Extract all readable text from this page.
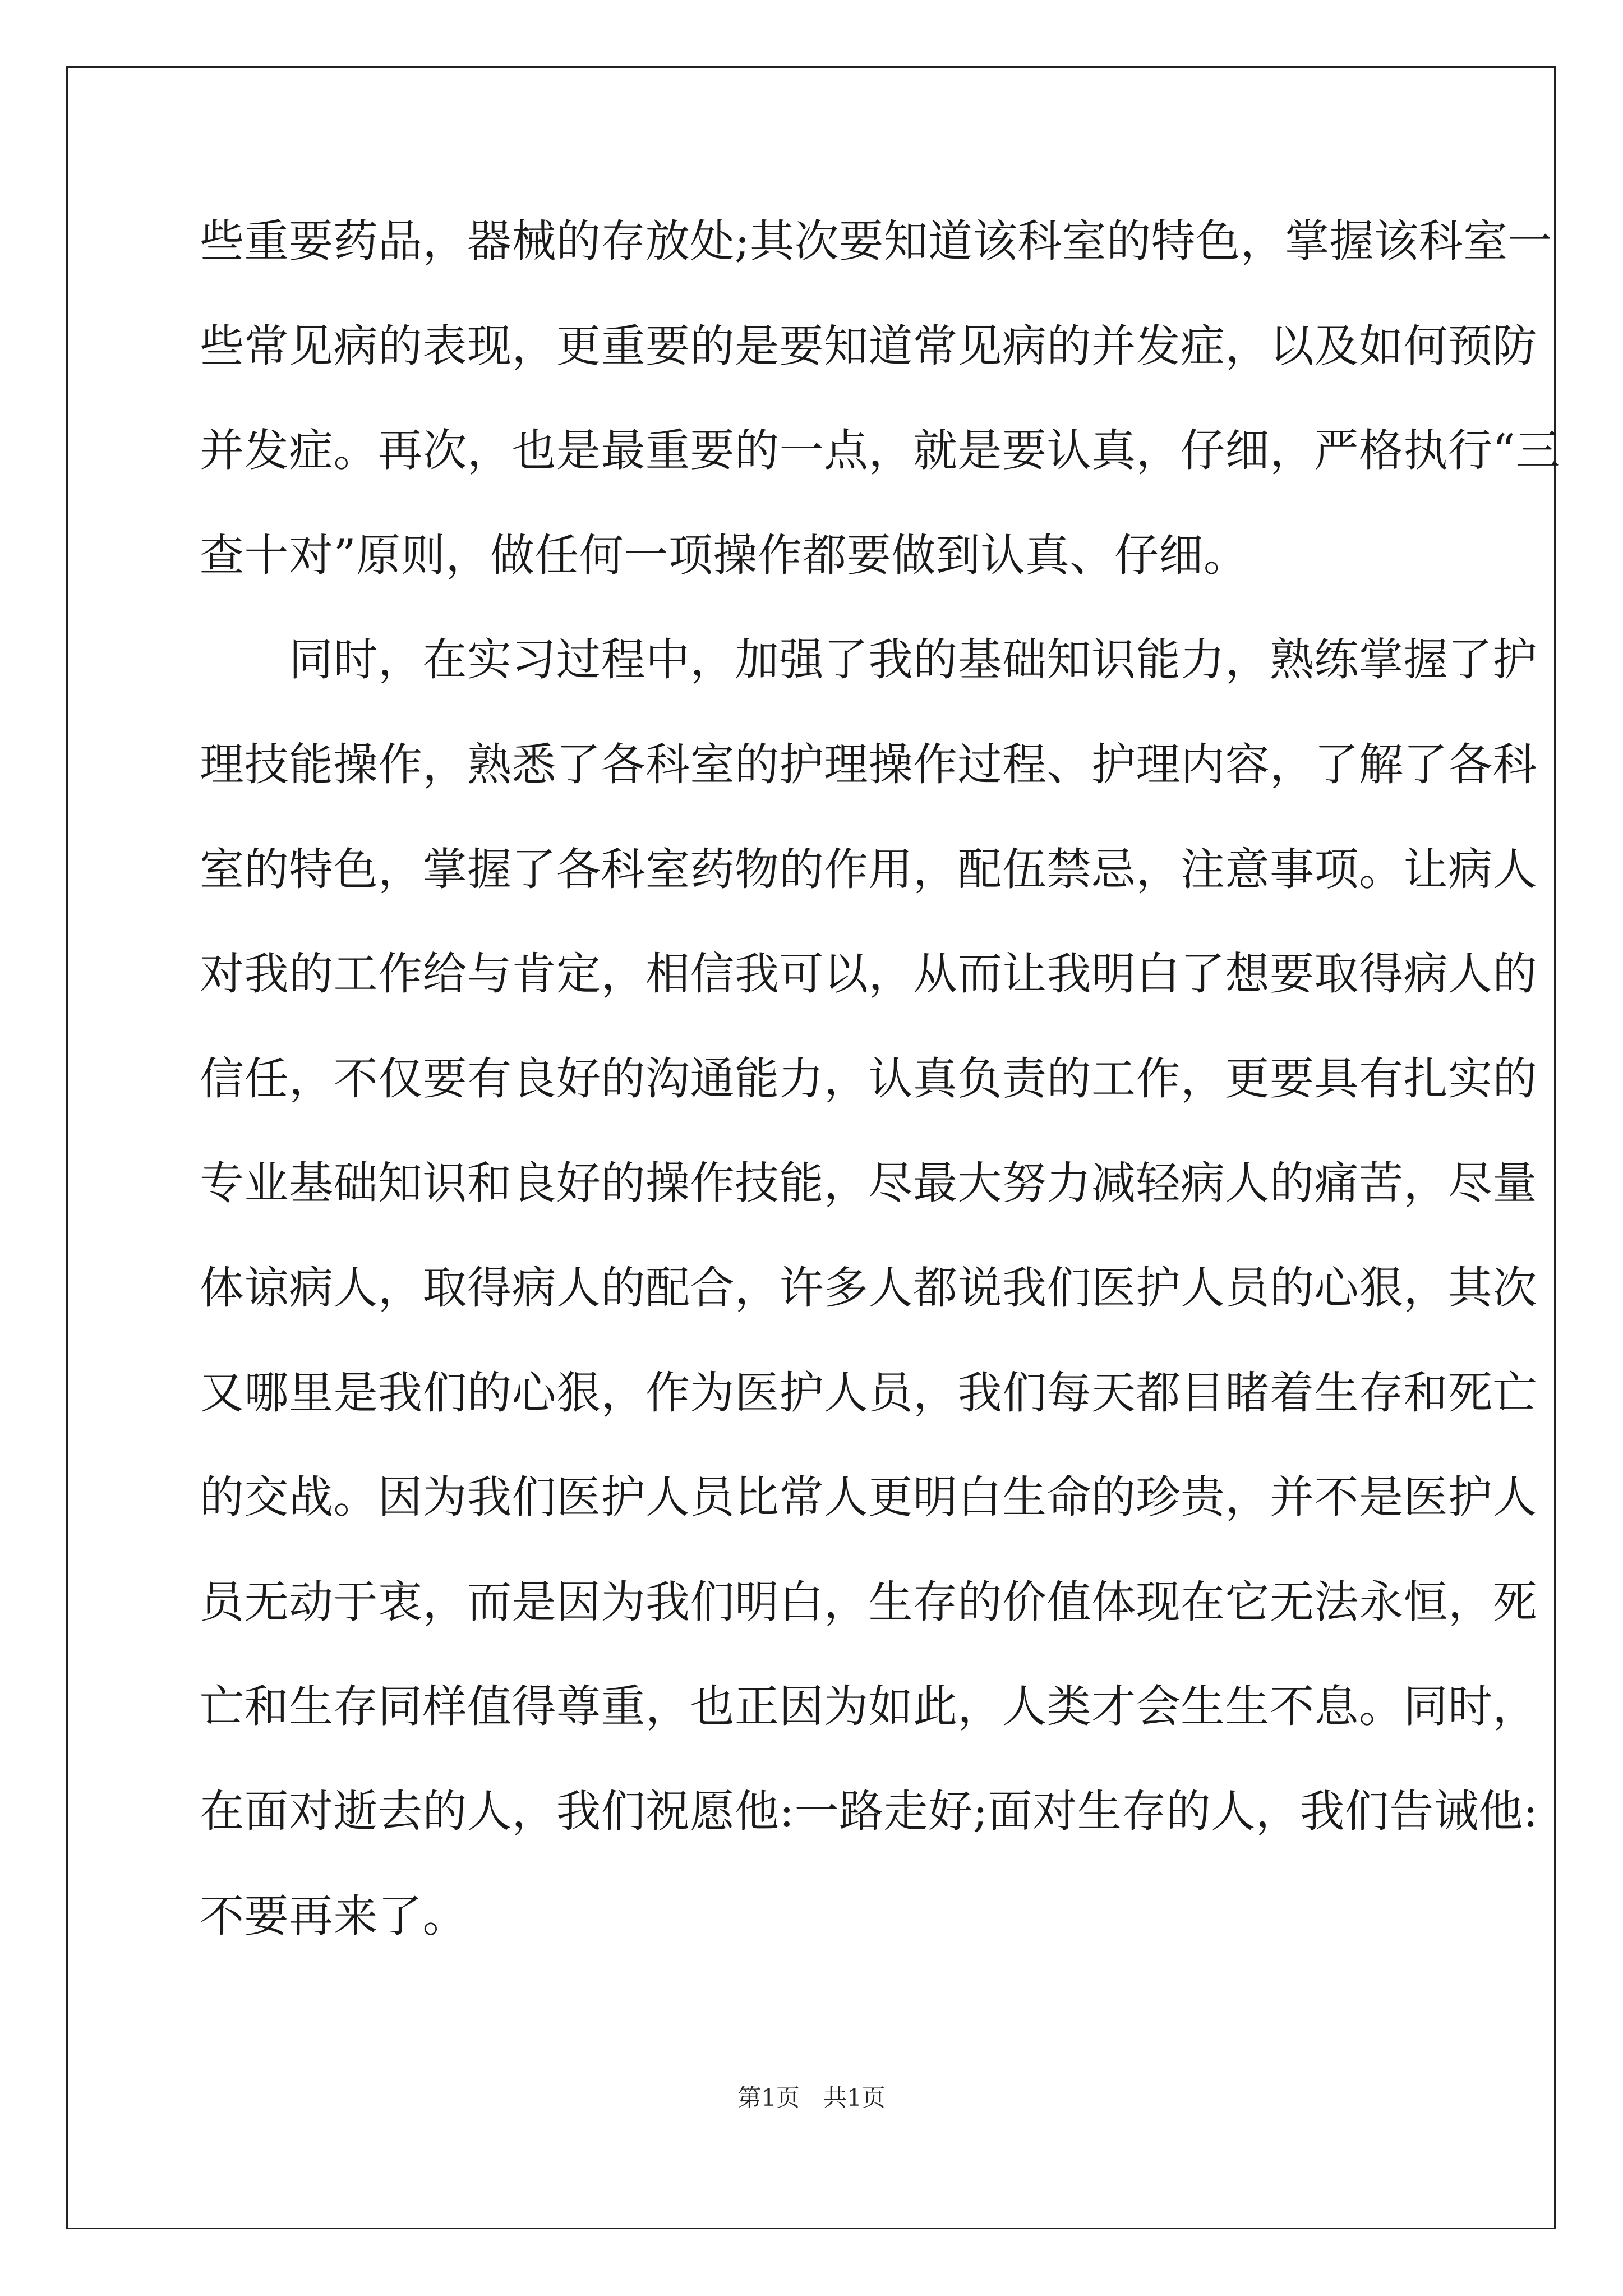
些重要药品，器械的存放处;其次要知道该科室的特色，掌握该科室一
些常见病的表现，更重要的是要知道常见病的并发症，以及如何预防
并发症。再次，也是最重要的一点，就是要认真，仔细，严格执行“三
查十对”原则，做任何一项操作都要做到认真、仔细。
　　同时，在实习过程中，加强了我的基础知识能力，熟练掌握了护
理技能操作，熟悉了各科室的护理操作过程、护理内容，了解了各科
室的特色，掌握了各科室药物的作用，配伍禁忌，注意事项。让病人
对我的工作给与肯定，相信我可以，从而让我明白了想要取得病人的
信任，不仅要有良好的沟通能力，认真负责的工作，更要具有扎实的
专业基础知识和良好的操作技能，尽最大努力减轻病人的痛苦，尽量
体谅病人，取得病人的配合，许多人都说我们医护人员的心狠，其次
又哪里是我们的心狠，作为医护人员，我们每天都目睹着生存和死亡
的交战。因为我们医护人员比常人更明白生命的珍贵，并不是医护人
员无动于衷，而是因为我们明白，生存的价值体现在它无法永恒，死
亡和生存同样值得尊重，也正因为如此，人类才会生生不息。同时，
在面对逝去的人，我们祝愿他:一路走好;面对生存的人，我们告诫他:
不要再来了。
第1页　共1页
